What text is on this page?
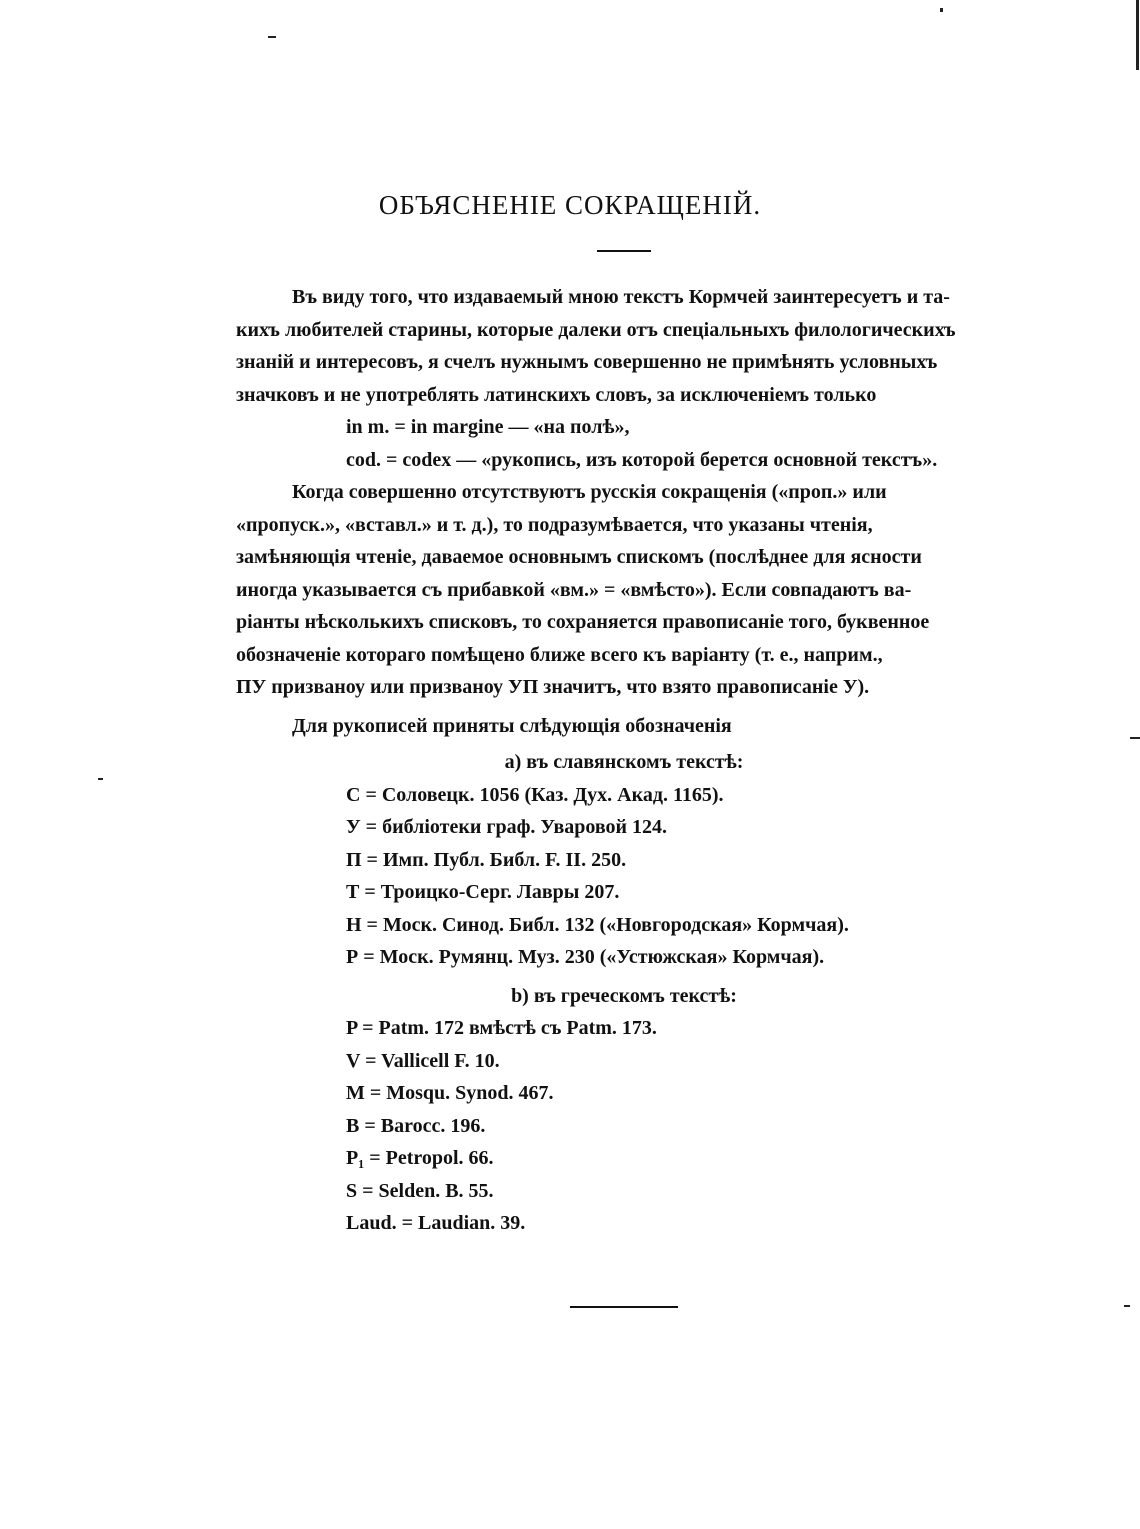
ОБЪЯСНЕНІЕ СОКРАЩЕНІЙ.

Въ виду того, что издаваемый мною текстъ Кормчей заинтересуетъ и та-
кихъ любителей старины, которые далеки отъ спеціальныхъ филологическихъ
знаній и интересовъ, я счелъ нужнымъ совершенно не примѣнять условныхъ
значковъ и не употреблять латинскихъ словъ, за исключеніемъ только
in m. = in margine — «на полѣ»,
cod. = codex — «рукопись, изъ которой берется основной текстъ».

Когда совершенно отсутствуютъ русскія сокращенія («проп.» или
«пропуск.», «вставл.» и т. д.), то подразумѣвается, что указаны чтенія,
замѣняющія чтеніе, даваемое основнымъ спискомъ (послѣднее для ясности
иногда указывается съ прибавкой «вм.» = «вмѣсто»). Если совпадаютъ ва-
ріанты нѣсколькихъ списковъ, то сохраняется правописаніе того, буквенное
обозначеніе котораго помѣщено ближе всего къ варіанту (т. е., наприм.,
ПУ призваноу или призваноу УП значитъ, что взято правописаніе У).

Для рукописей приняты слѣдующія обозначенія
a) въ славянскомъ текстѣ:
С = Соловецк. 1056 (Каз. Дух. Акад. 1165).
У = библіотеки граф. Уваровой 124.
П = Имп. Публ. Библ. F. II. 250.
Т = Троицко-Серг. Лавры 207.
Н = Моск. Синод. Библ. 132 («Новгородская» Кормчая).
Р = Моск. Румянц. Муз. 230 («Устюжская» Кормчая).
b) въ греческомъ текстѣ:
P = Patm. 172 вмѣстѣ съ Patm. 173.
V = Vallicell F. 10.
M = Mosqu. Synod. 467.
B = Barocc. 196.
P₁ = Petropol. 66.
S = Selden. B. 55.
Laud. = Laudian. 39.
